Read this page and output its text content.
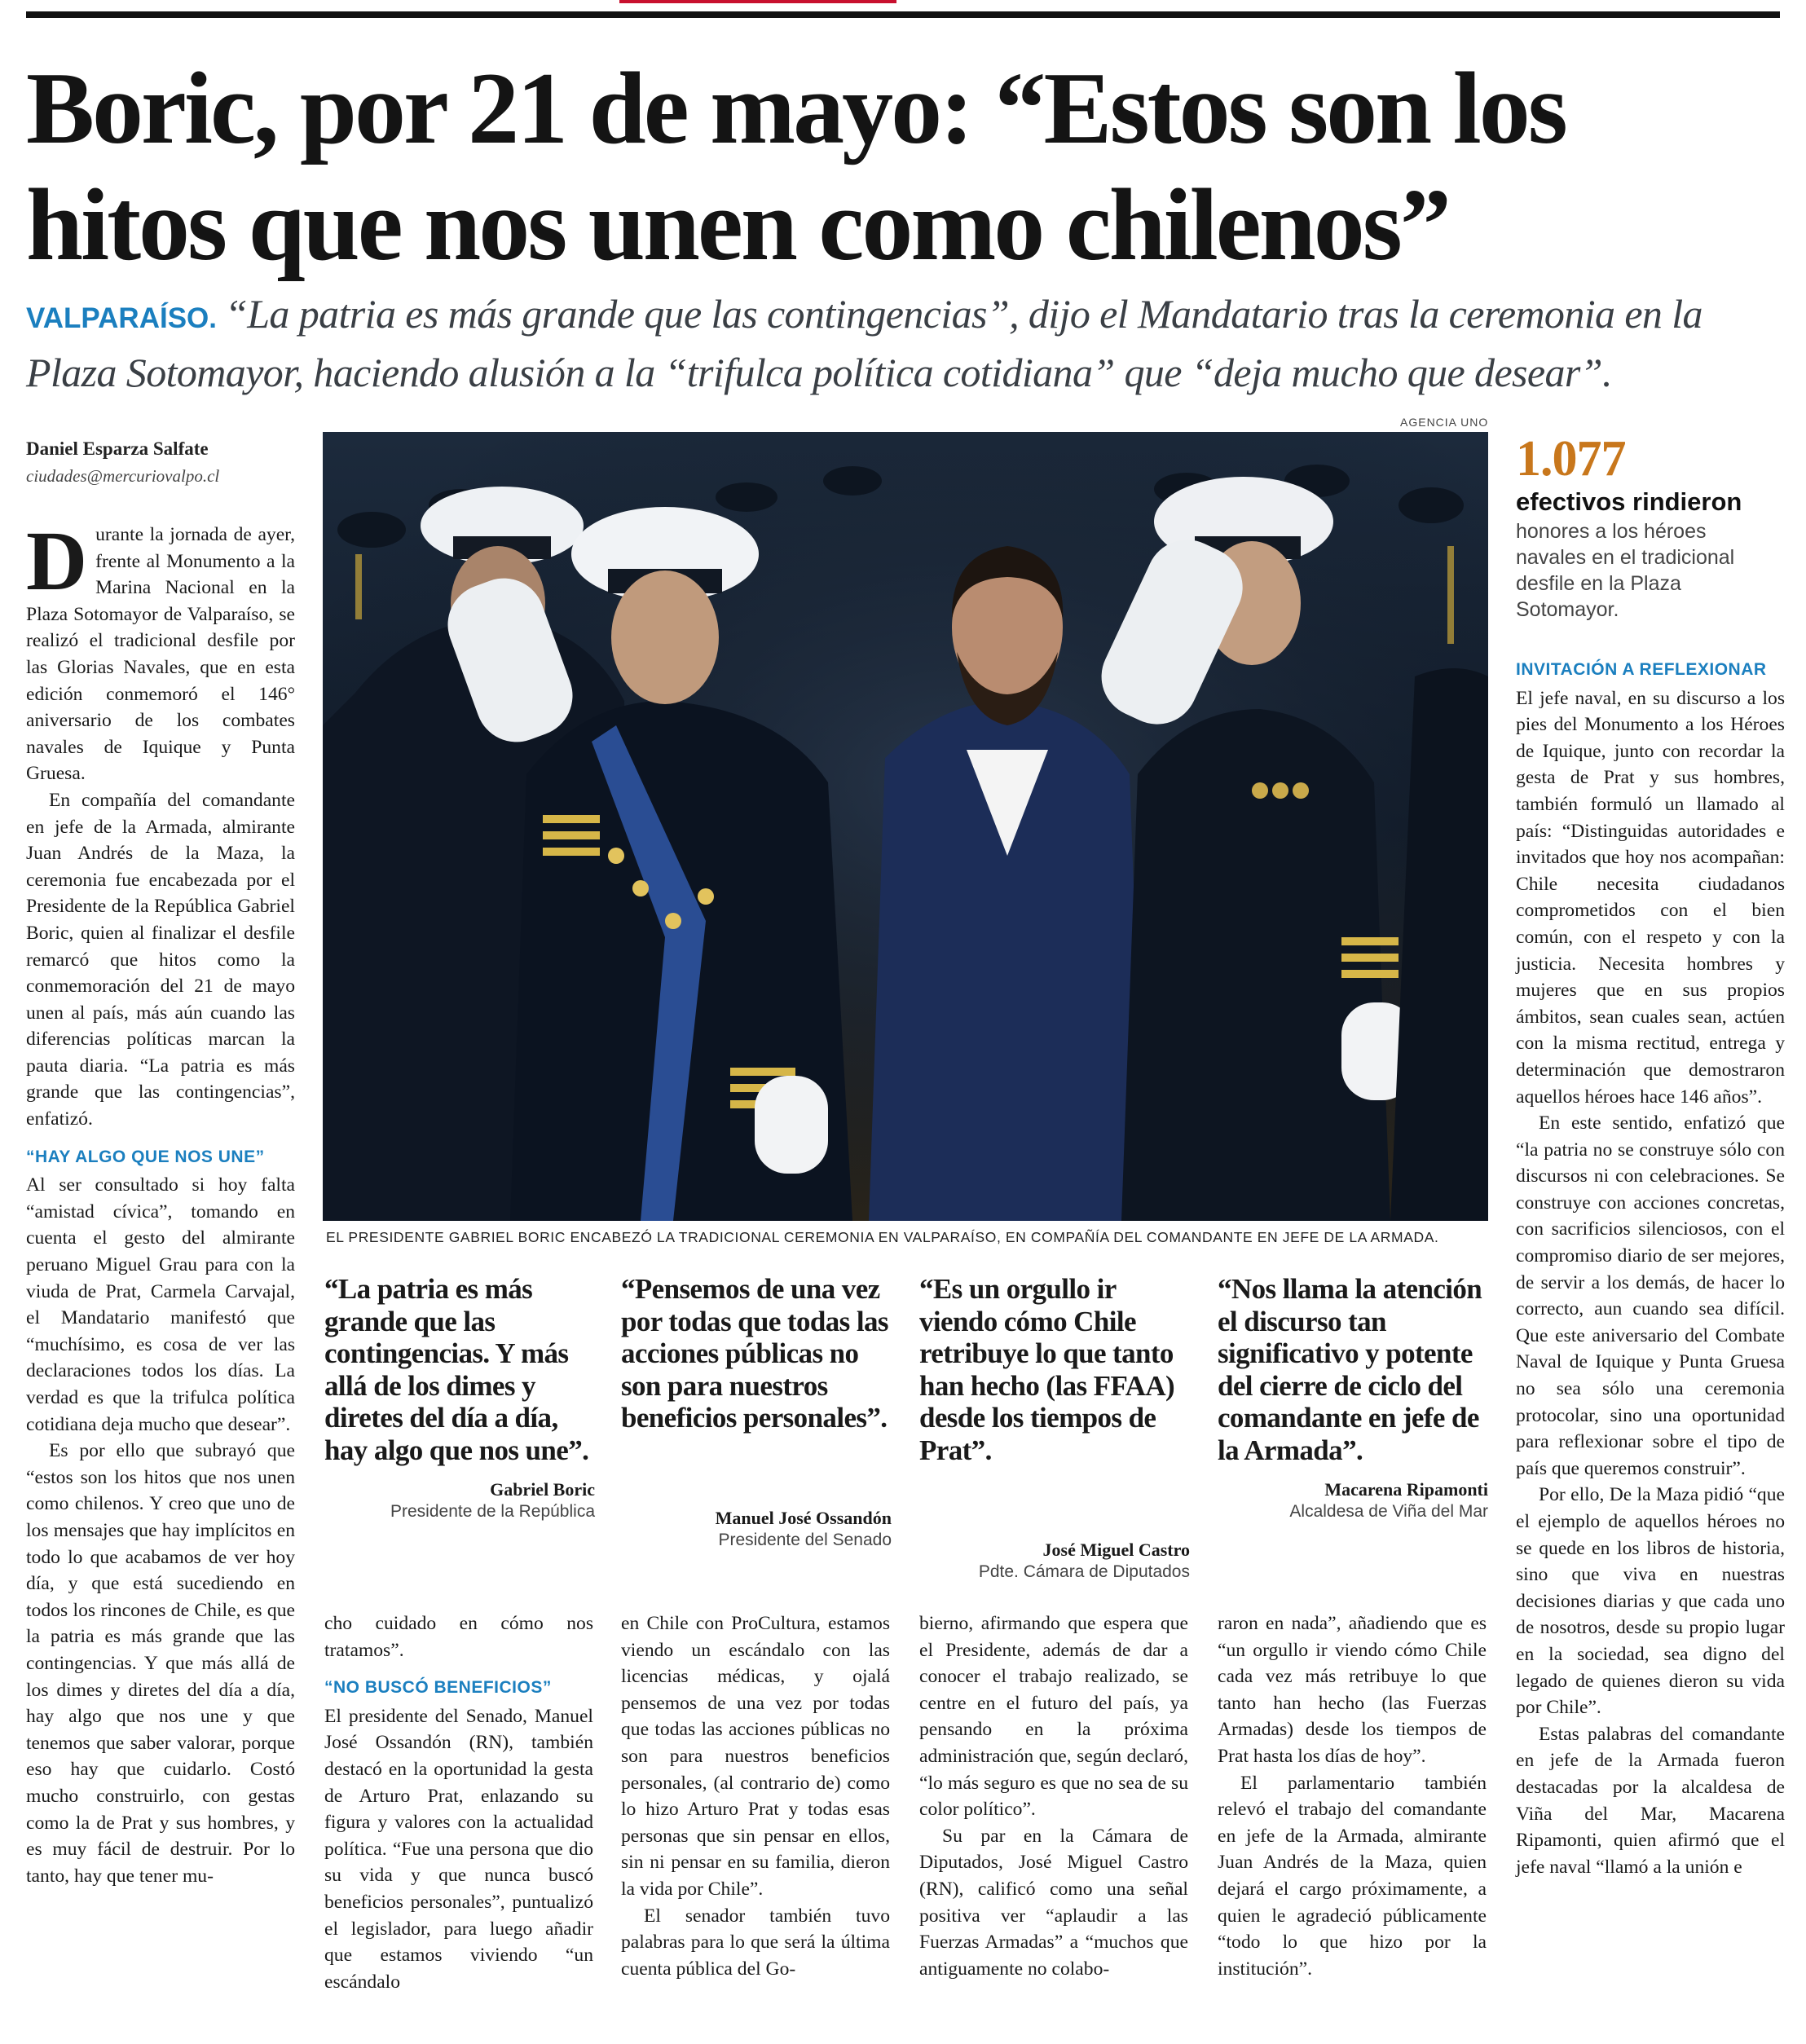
Boric, por 21 de mayo: “Estos son los
hitos que nos unen como chilenos”
VALPARAÍSO. “La patria es más grande que las contingencias”, dijo el Mandatario tras la ceremonia en la
Plaza Sotomayor, haciendo alusión a la “trifulca política cotidiana” que “deja mucho que desear”.
Daniel Esparza Salfate
ciudades@mercuriovalpo.cl
AGENCIA UNO
EL PRESIDENTE GABRIEL BORIC ENCABEZÓ LA TRADICIONAL CEREMONIA EN VALPARAÍSO, EN COMPAÑÍA DEL COMANDANTE EN JEFE DE LA ARMADA.
1.077
efectivos rindieron
honores a los héroes navales en el tradicional desfile en la Plaza Sotomayor.

Durante la jornada de ayer, frente al Monumento a la Marina Nacional en la Plaza Sotomayor de Valparaíso, se realizó el tradicional desfile por las Glorias Navales, que en esta edición conmemoró el 146° aniversario de los combates navales de Iquique y Punta Gruesa.

En compañía del comandante en jefe de la Armada, almirante Juan Andrés de la Maza, la ceremonia fue encabezada por el Presidente de la República Gabriel Boric, quien al finalizar el desfile remarcó que hitos como la conmemoración del 21 de mayo unen al país, más aún cuando las diferencias políticas marcan la pauta diaria. “La patria es más grande que las contingencias”, enfatizó.

“HAY ALGO QUE NOS UNE”

Al ser consultado si hoy falta “amistad cívica”, tomando en cuenta el gesto del almirante peruano Miguel Grau para con la viuda de Prat, Carmela Carvajal, el Mandatario manifestó que “muchísimo, es cosa de ver las declaraciones todos los días. La verdad es que la trifulca política cotidiana deja mucho que desear”.

Es por ello que subrayó que “estos son los hitos que nos unen como chilenos. Y creo que uno de los mensajes que hay implícitos en todo lo que acabamos de ver hoy día, y que está sucediendo en todos los rincones de Chile, es que la patria es más grande que las contingencias. Y que más allá de los dimes y diretes del día a día, hay algo que nos une y que tenemos que saber valorar, porque eso hay que cuidarlo. Costó mucho construirlo, con gestas como la de Prat y sus hombres, y es muy fácil de destruir. Por lo tanto, hay que tener mu-

“La patria es más grande que las contingencias. Y más allá de los dimes y diretes del día a día, hay algo que nos une”.
Gabriel Boric
Presidente de la República
“Pensemos de una vez por todas que todas las acciones públicas no son para nuestros beneficios personales”.
Manuel José Ossandón
Presidente del Senado
“Es un orgullo ir viendo cómo Chile retribuye lo que tanto han hecho (las FFAA) desde los tiempos de Prat”.
José Miguel Castro
Pdte. Cámara de Diputados
“Nos llama la atención el discurso tan significativo y potente del cierre de ciclo del comandante en jefe de la Armada”.
Macarena Ripamonti
Alcaldesa de Viña del Mar

cho cuidado en cómo nos tratamos”.

“NO BUSCÓ BENEFICIOS”

El presidente del Senado, Manuel José Ossandón (RN), también destacó en la oportunidad la gesta de Arturo Prat, enlazando su figura y valores con la actualidad política. “Fue una persona que dio su vida y que nunca buscó beneficios personales”, puntualizó el legislador, para luego añadir que estamos viviendo “un escándalo

en Chile con ProCultura, estamos viendo un escándalo con las licencias médicas, y ojalá pensemos de una vez por todas que todas las acciones públicas no son para nuestros beneficios personales, (al contrario de) como lo hizo Arturo Prat y todas esas personas que sin pensar en ellos, sin ni pensar en su familia, dieron la vida por Chile”.

El senador también tuvo palabras para lo que será la última cuenta pública del Go-

bierno, afirmando que espera que el Presidente, además de dar a conocer el trabajo realizado, se centre en el futuro del país, ya pensando en la próxima administración que, según declaró, “lo más seguro es que no sea de su color político”.

Su par en la Cámara de Diputados, José Miguel Castro (RN), calificó como una señal positiva ver “aplaudir a las Fuerzas Armadas” a “muchos que antiguamente no colabo-

raron en nada”, añadiendo que es “un orgullo ir viendo cómo Chile cada vez más retribuye lo que tanto han hecho (las Fuerzas Armadas) desde los tiempos de Prat hasta los días de hoy”.

El parlamentario también relevó el trabajo del comandante en jefe de la Armada, almirante Juan Andrés de la Maza, quien dejará el cargo próximamente, a quien le agradeció públicamente “todo lo que hizo por la institución”.

INVITACIÓN A REFLEXIONAR

El jefe naval, en su discurso a los pies del Monumento a los Héroes de Iquique, junto con recordar la gesta de Prat y sus hombres, también formuló un llamado al país: “Distinguidas autoridades e invitados que hoy nos acompañan: Chile necesita ciudadanos comprometidos con el bien común, con el respeto y con la justicia. Necesita hombres y mujeres que en sus propios ámbitos, sean cuales sean, actúen con la misma rectitud, entrega y determinación que demostraron aquellos héroes hace 146 años”.

En este sentido, enfatizó que “la patria no se construye sólo con discursos ni con celebraciones. Se construye con acciones concretas, con sacrificios silenciosos, con el compromiso diario de ser mejores, de servir a los demás, de hacer lo correcto, aun cuando sea difícil. Que este aniversario del Combate Naval de Iquique y Punta Gruesa no sea sólo una ceremonia protocolar, sino una oportunidad para reflexionar sobre el tipo de país que queremos construir”.

Por ello, De la Maza pidió “que el ejemplo de aquellos héroes no se quede en los libros de historia, sino que viva en nuestras decisiones diarias y que cada uno de nosotros, desde su propio lugar en la sociedad, sea digno del legado de quienes dieron su vida por Chile”.

Estas palabras del comandante en jefe de la Armada fueron destacadas por la alcaldesa de Viña del Mar, Macarena Ripamonti, quien afirmó que el jefe naval “llamó a la unión e
